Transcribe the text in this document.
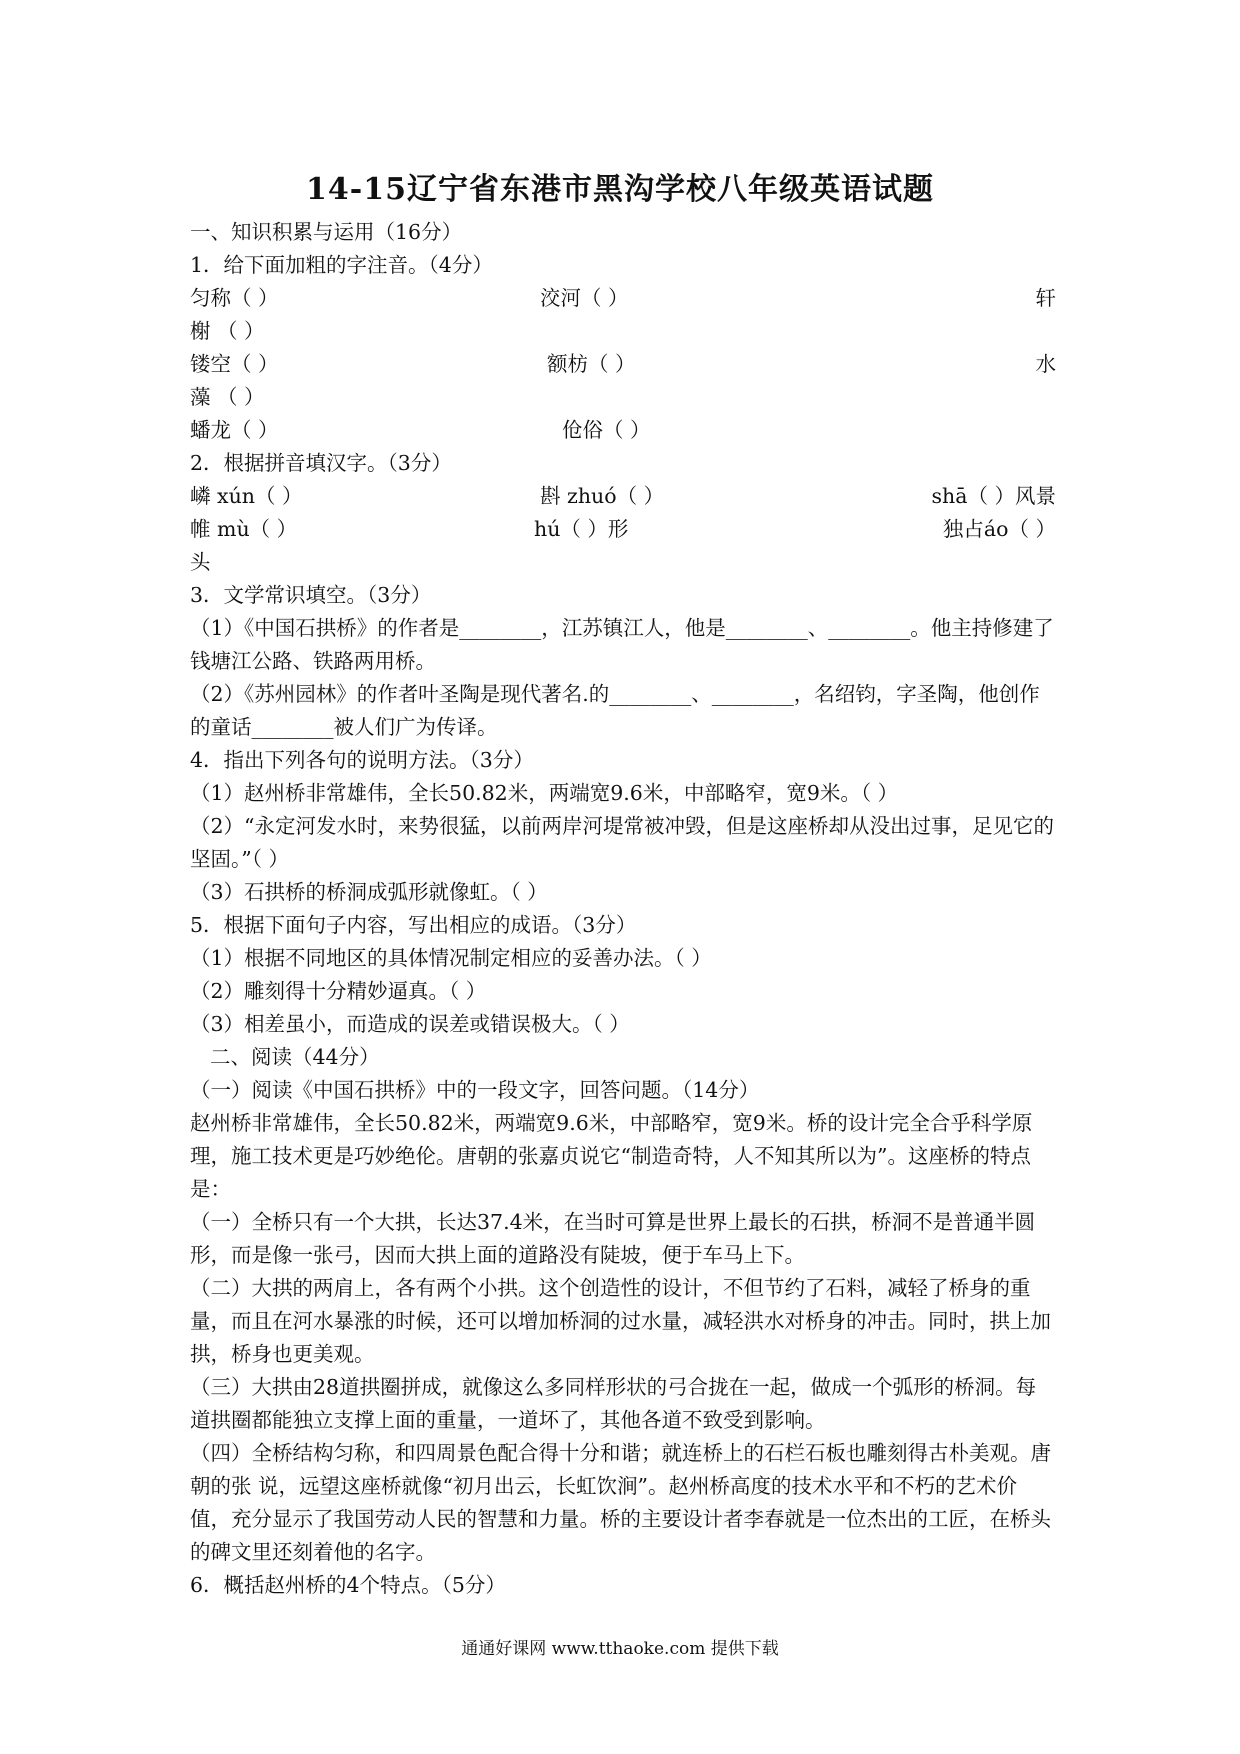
14-15辽宁省东港市黑沟学校八年级英语试题
一、知识积累与运用（16分）
1．给下面加粗的字注音。（4分）
匀称（ ）	洨河（ ）	轩
榭 （ ）
镂空（ ）	额枋（ ）	水
藻 （ ）
蟠龙（ ）	伧俗（ ）
2．根据拼音填汉字。（3分）
嶙 xún（ ）	斟 zhuó（ ）	shā（ ）风景
帷 mù（ ）	hú（ ）形	独占áo（ ）
头
3．文学常识填空。（3分）
（1）《中国石拱桥》的作者是________，江苏镇江人，他是________、________。他主持修建了钱塘江公路、铁路两用桥。
（2）《苏州园林》的作者叶圣陶是现代著名.的________、________，名绍钧，字圣陶，他创作的童话________被人们广为传译。
4．指出下列各句的说明方法。（3分）
（1）赵州桥非常雄伟，全长50.82米，两端宽9.6米，中部略窄，宽9米。（ ）
（2）“永定河发水时，来势很猛，以前两岸河堤常被冲毁，但是这座桥却从没出过事，足见它的坚固。”（ ）
（3）石拱桥的桥洞成弧形就像虹。（ ）
5．根据下面句子内容，写出相应的成语。（3分）
（1）根据不同地区的具体情况制定相应的妥善办法。（ ）
（2）雕刻得十分精妙逼真。（ ）
（3）相差虽小，而造成的误差或错误极大。（ ）
二、阅读（44分）
（一）阅读《中国石拱桥》中的一段文字，回答问题。（14分）
赵州桥非常雄伟，全长50.82米，两端宽9.6米，中部略窄，宽9米。桥的设计完全合乎科学原理，施工技术更是巧妙绝伦。唐朝的张嘉贞说它“制造奇特，人不知其所以为”。这座桥的特点是：
（一）全桥只有一个大拱，长达37.4米，在当时可算是世界上最长的石拱，桥洞不是普通半圆形，而是像一张弓，因而大拱上面的道路没有陡坡，便于车马上下。
（二）大拱的两肩上，各有两个小拱。这个创造性的设计，不但节约了石料，减轻了桥身的重量，而且在河水暴涨的时候，还可以增加桥洞的过水量，减轻洪水对桥身的冲击。同时，拱上加拱，桥身也更美观。
（三）大拱由28道拱圈拼成，就像这么多同样形状的弓合拢在一起，做成一个弧形的桥洞。每道拱圈都能独立支撑上面的重量，一道坏了，其他各道不致受到影响。
（四）全桥结构匀称，和四周景色配合得十分和谐；就连桥上的石栏石板也雕刻得古朴美观。唐朝的张 说，远望这座桥就像“初月出云，长虹饮涧”。赵州桥高度的技术水平和不朽的艺术价值，充分显示了我国劳动人民的智慧和力量。桥的主要设计者李春就是一位杰出的工匠，在桥头的碑文里还刻着他的名字。
6．概括赵州桥的4个特点。（5分）
通通好课网 www.tthaoke.com 提供下载
